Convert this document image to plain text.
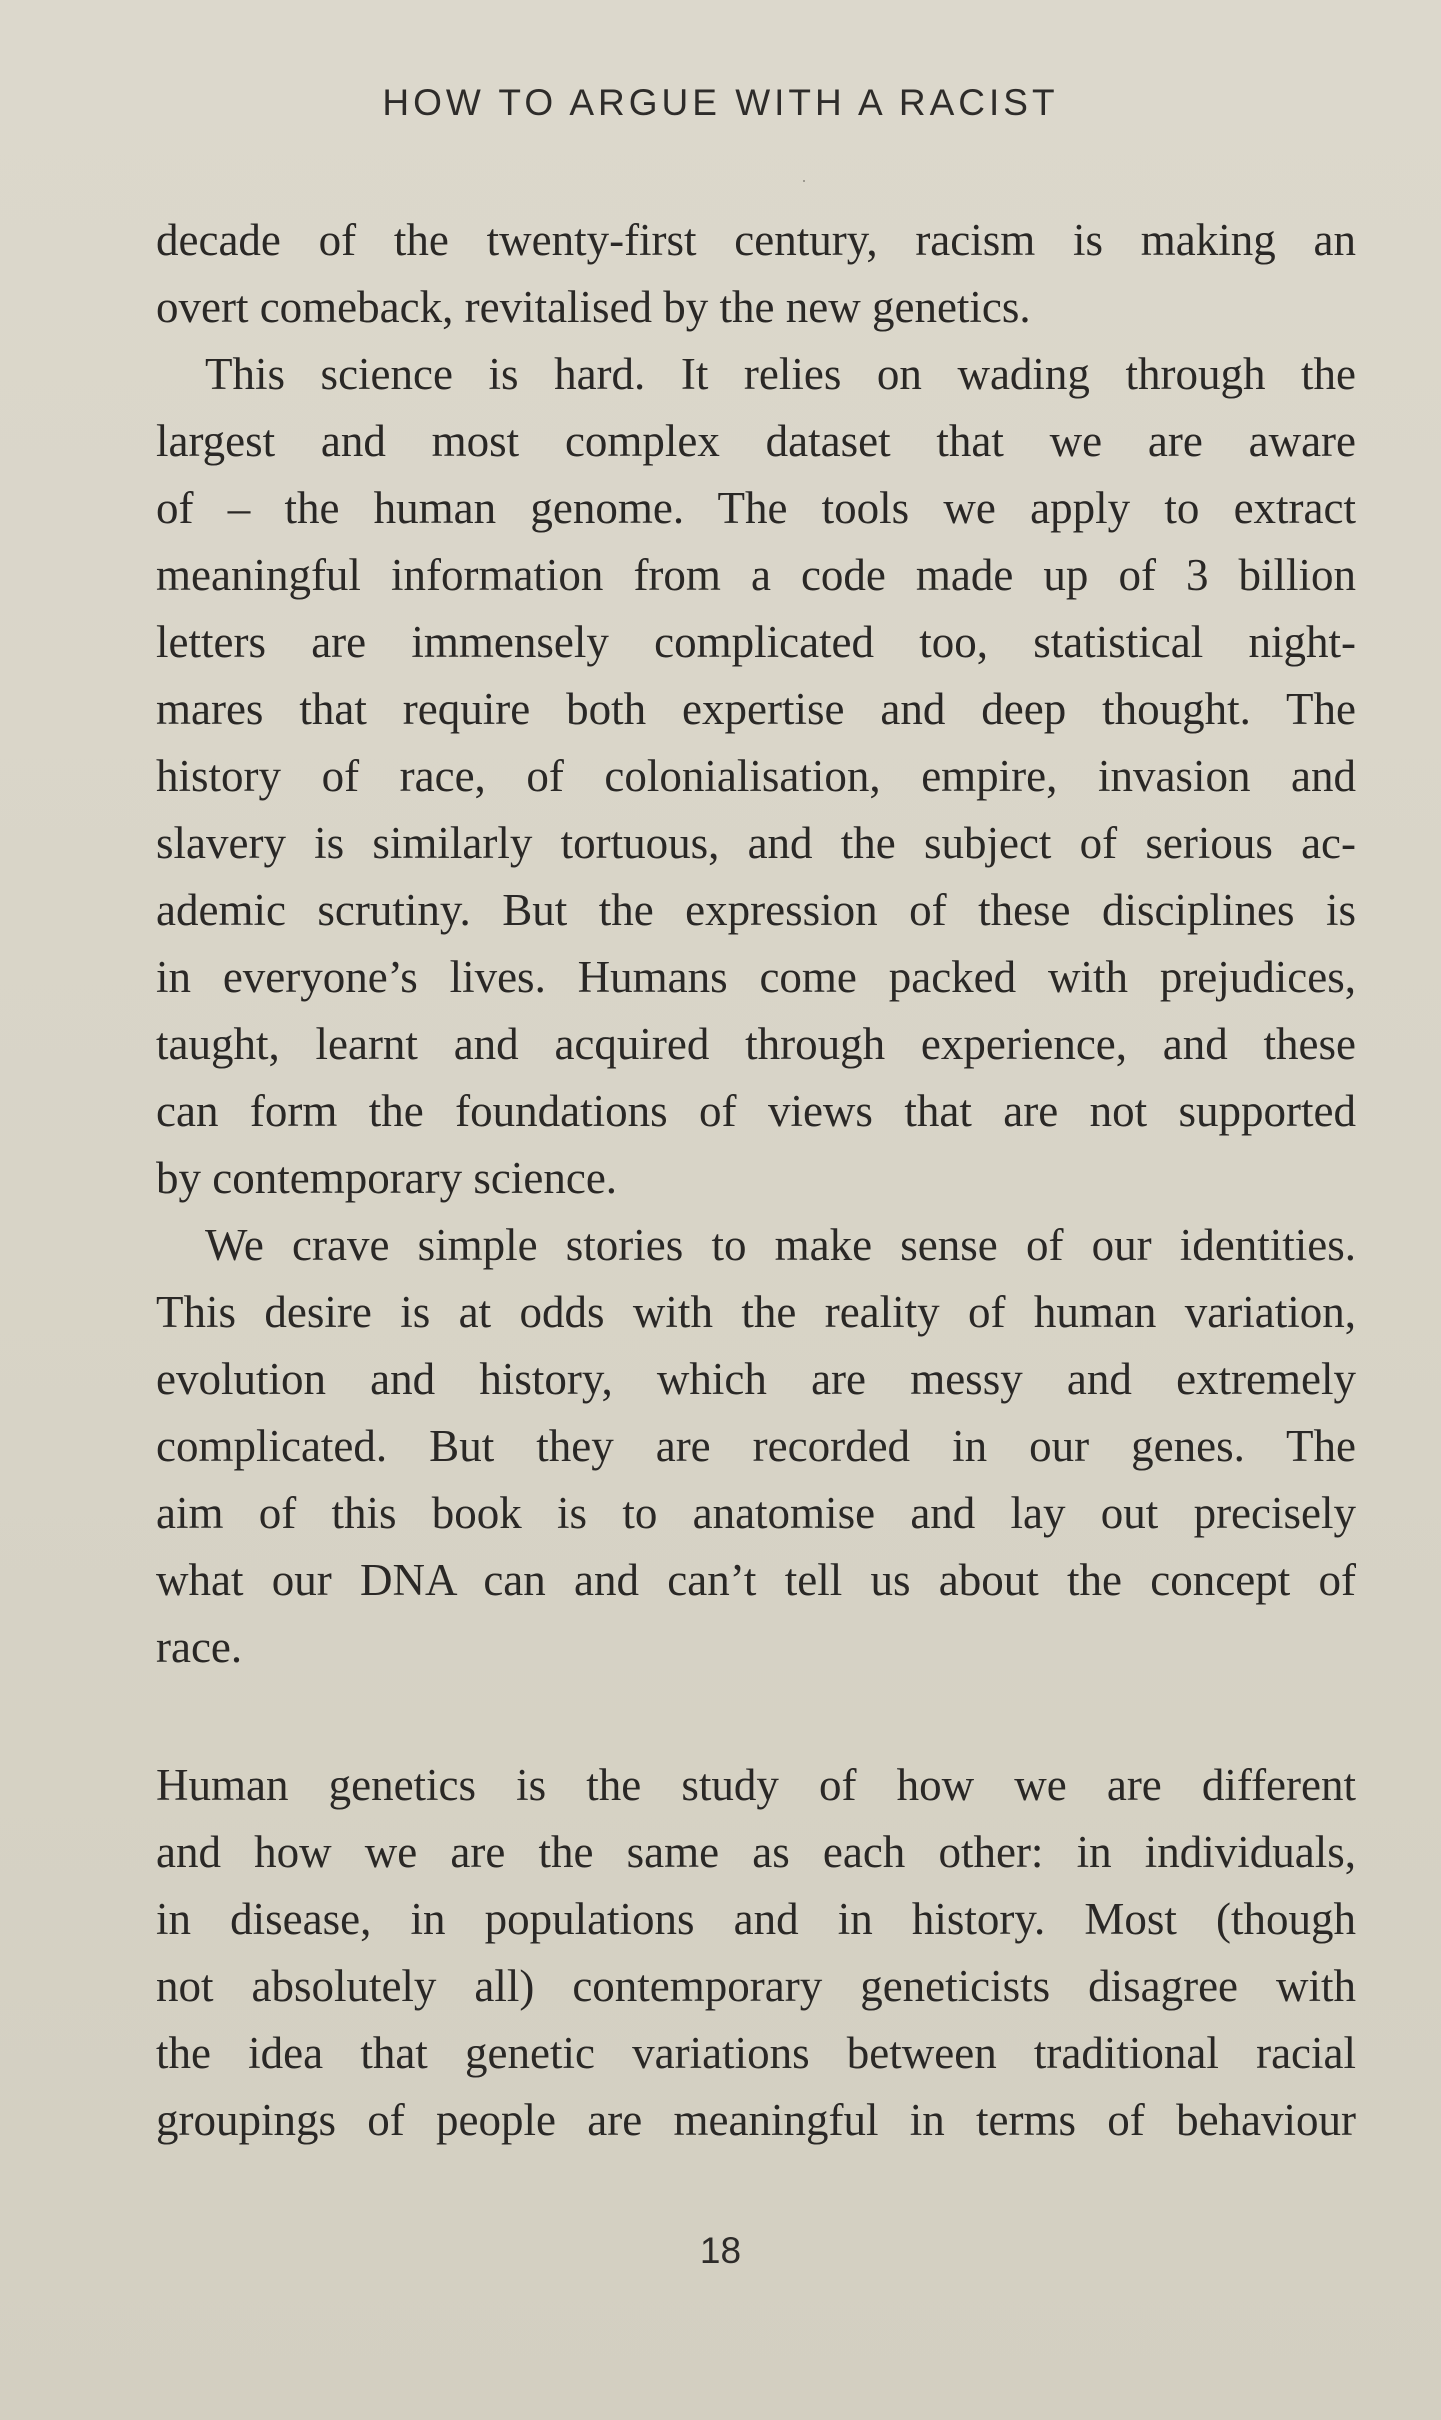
HOW TO ARGUE WITH A RACIST
decade of the twenty-first century, racism is making an
overt comeback, revitalised by the new genetics.
This science is hard. It relies on wading through the
largest and most complex dataset that we are aware
of – the human genome. The tools we apply to extract
meaningful information from a code made up of 3 billion
letters are immensely complicated too, statistical night-
mares that require both expertise and deep thought. The
history of race, of colonialisation, empire, invasion and
slavery is similarly tortuous, and the subject of serious ac-
ademic scrutiny. But the expression of these disciplines is
in everyone’s lives. Humans come packed with prejudices,
taught, learnt and acquired through experience, and these
can form the foundations of views that are not supported
by contemporary science.
We crave simple stories to make sense of our identities.
This desire is at odds with the reality of human variation,
evolution and history, which are messy and extremely
complicated. But they are recorded in our genes. The
aim of this book is to anatomise and lay out precisely
what our DNA can and can’t tell us about the concept of
race.
Human genetics is the study of how we are different
and how we are the same as each other: in individuals,
in disease, in populations and in history. Most (though
not absolutely all) contemporary geneticists disagree with
the idea that genetic variations between traditional racial
groupings of people are meaningful in terms of behaviour
18
